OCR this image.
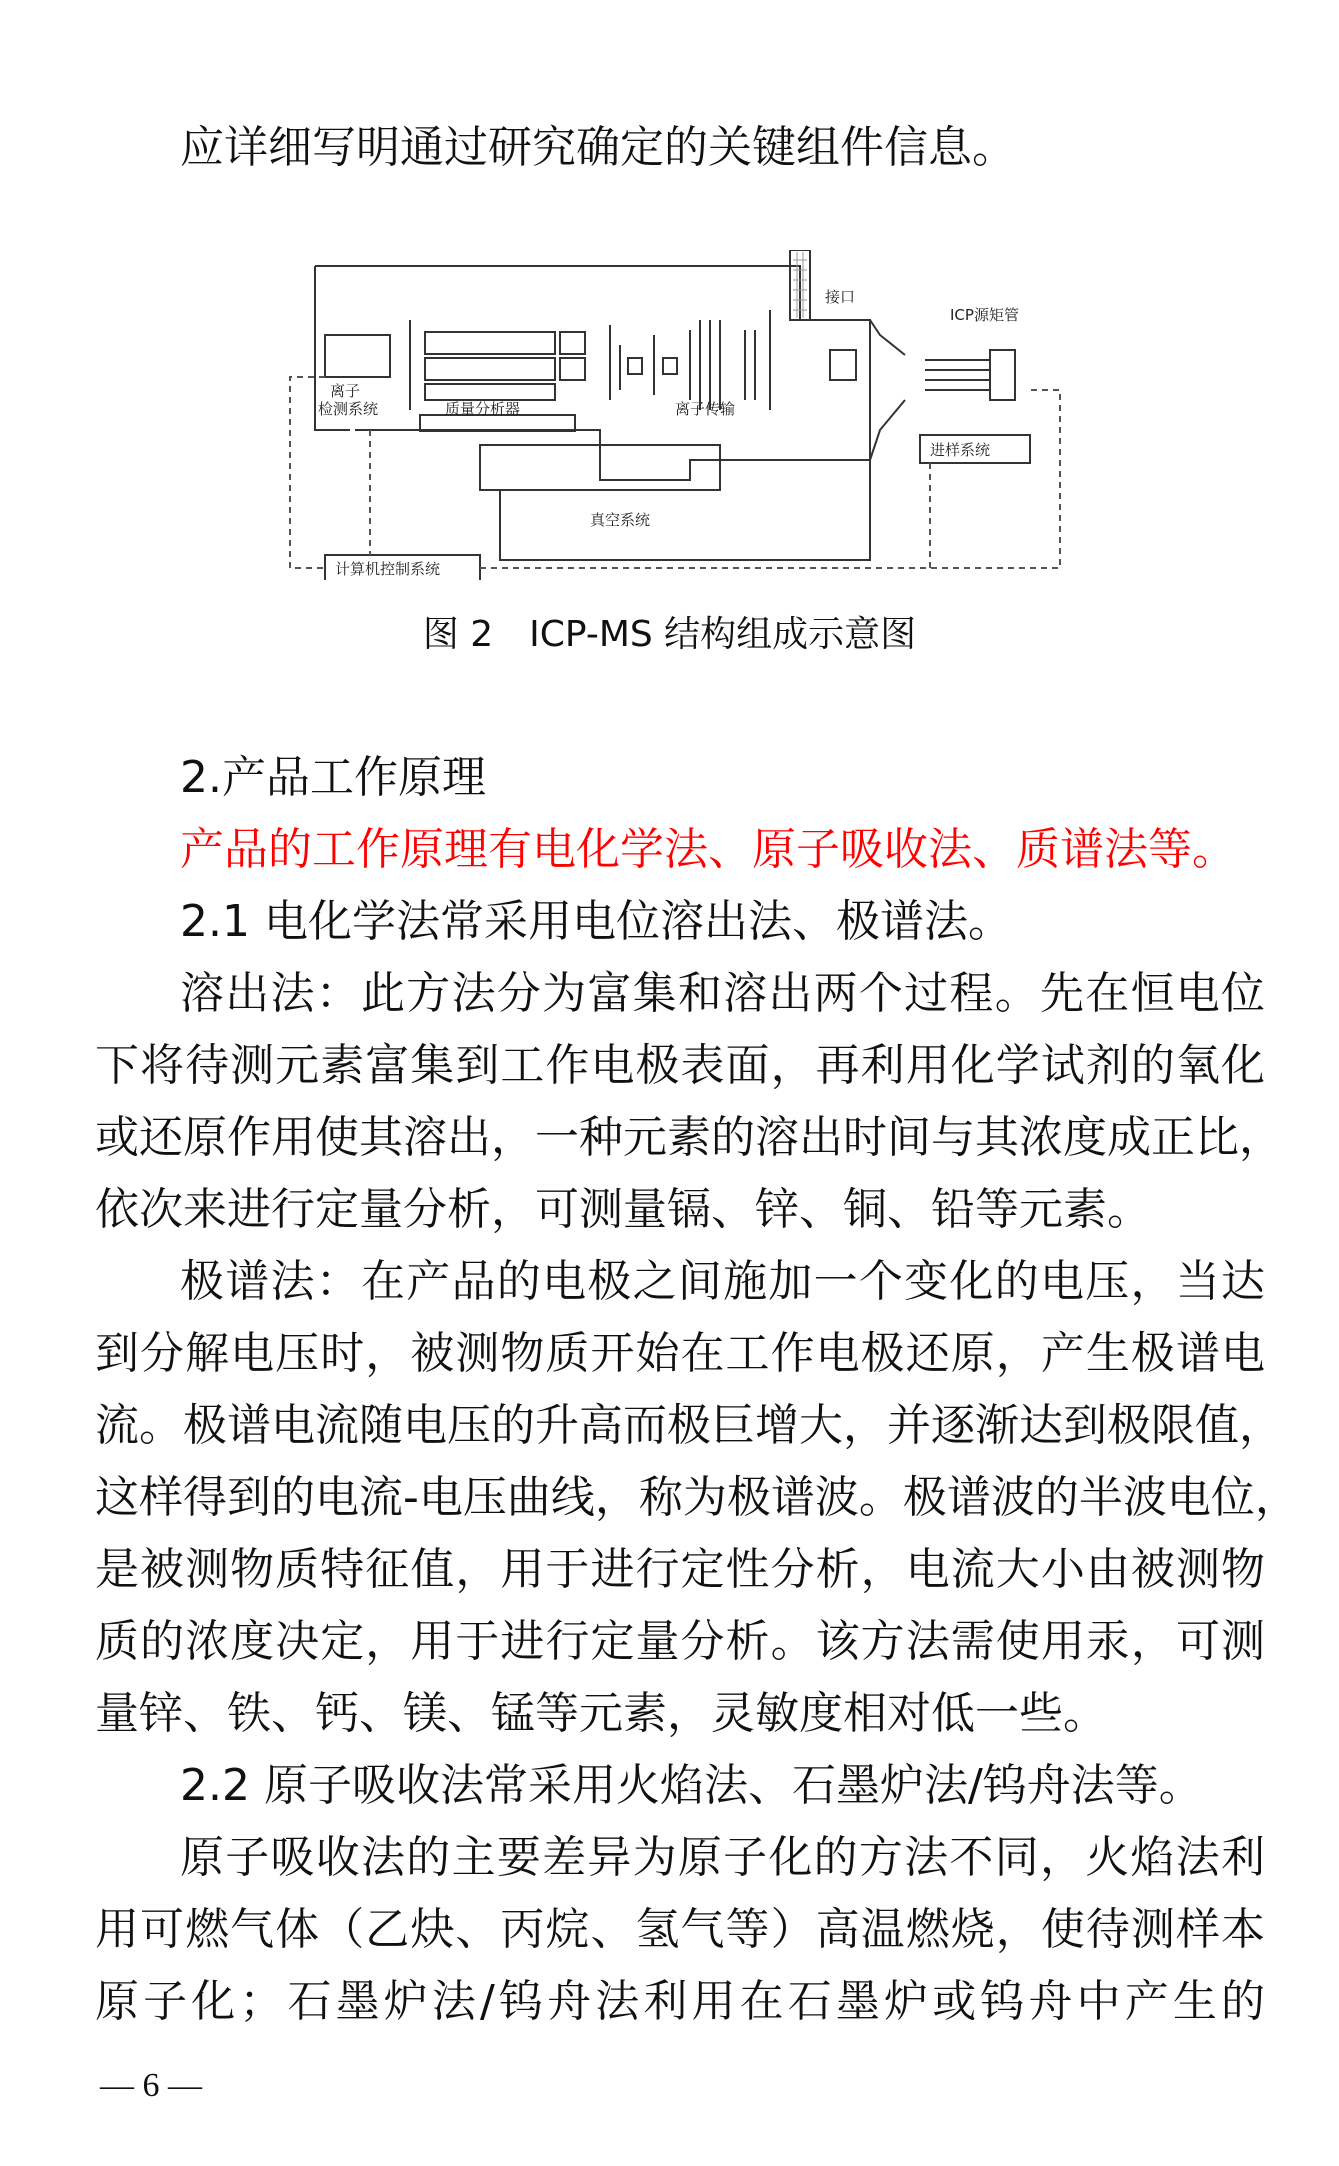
应详细写明通过研究确定的关键组件信息。
离子
检测系统	质量分析器	离子传输
接口
ICP源矩管
进样系统
真空系统
计算机控制系统
图 2　ICP-MS 结构组成示意图
2.产品工作原理
产品的工作原理有电化学法、原子吸收法、质谱法等。
2.1 电化学法常采用电位溶出法、极谱法。
溶出法：此方法分为富集和溶出两个过程。先在恒电位
下将待测元素富集到工作电极表面，再利用化学试剂的氧化
或还原作用使其溶出，一种元素的溶出时间与其浓度成正比，
依次来进行定量分析，可测量镉、锌、铜、铅等元素。
极谱法：在产品的电极之间施加一个变化的电压，当达
到分解电压时，被测物质开始在工作电极还原，产生极谱电
流。极谱电流随电压的升高而极巨增大，并逐渐达到极限值，
这样得到的电流-电压曲线，称为极谱波。极谱波的半波电位，
是被测物质特征值，用于进行定性分析，电流大小由被测物
质的浓度决定，用于进行定量分析。该方法需使用汞，可测
量锌、铁、钙、镁、锰等元素，灵敏度相对低一些。
2.2 原子吸收法常采用火焰法、石墨炉法/钨舟法等。
原子吸收法的主要差异为原子化的方法不同，火焰法利
用可燃气体（乙炔、丙烷、氢气等）高温燃烧，使待测样本
原子化；石墨炉法/钨舟法利用在石墨炉或钨舟中产生的
— 6 —
